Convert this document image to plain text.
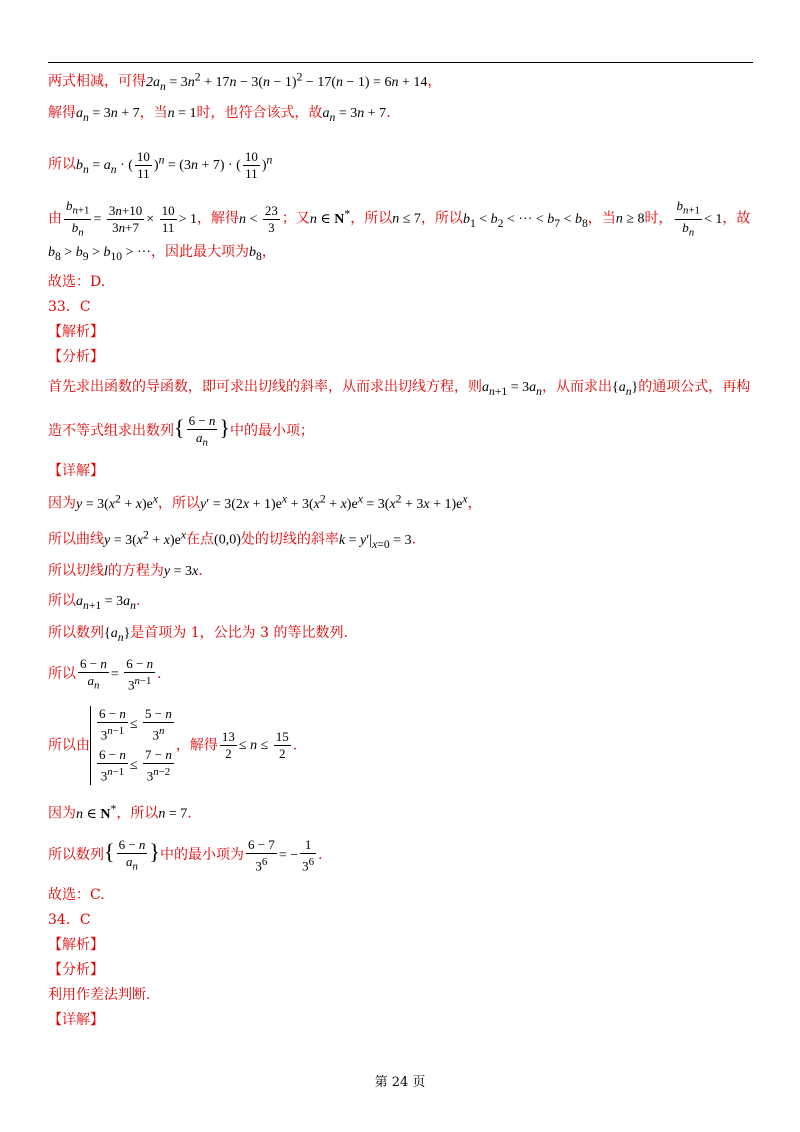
两式相减，可得$2a_n = 3n^2 + 17n - 3(n - 1)^2 - 17(n - 1) = 6n + 14$，
解得$a_n = 3n + 7$，当n = 1时，也符合该式，故$a_n = 3n + 7$.
所以$b_n = a_n$ · ( $\frac{10}{11} )^n = (3n + 7)$ · ( $\frac{10}{11} )^n$
由 $\frac{b_{n+1}}{b_n} = \frac{3n+10}{3n+7} \times \frac{10}{11} > 1$，解得$n < \frac{23}{3}$ ；又n ∈ N*，所以n ≤ 7，所以$b_1 < b_2$ < ··· < $b_7 < b_8$，当n ≥ 8时， $\frac{b_{n+1}}{b_n} < 1$，故
$b_8 > b_9 > b_{10}$ > ···，因此最大项为$b_8$，
故选：D.
33．C
【解析】
【分析】
首先求出函数的导函数，即可求出切线的斜率，从而求出切线方程，则$a_{n+1} = 3a_n$，从而求出$\{a_n\}$的通项公式，再构
造不等式组求出数列{ $\frac{6 - n}{a_n}$ }中的最小项；
【详解】
因为$y = 3(x^2 + x)e^x$，所以$y' = 3(2x + 1)e^x + 3(x^2 + x)e^x = 3(x^2 + 3x + 1)e^x$，
所以曲线$y = 3(x^2 + x)e^x$在点(0,0)处的切线的斜率$k = y'|_{x=0} = 3$.
所以切线l的方程为y = 3x.
所以$a_{n+1} = 3a_n$.
所以数列$\{a_n\}$是首项为 1，公比为 3 的等比数列.
所以 $\frac{6 - n}{a_n} = \frac{6 - n}{3^{n-1}}$ .
所以由
$\frac{6 - n}{3^{n-1}} \le \frac{5 - n}{3^n}$
$\frac{6 - n}{3^{n-1}} \le \frac{7 - n}{3^{n-2}}$
，解得 $\frac{13}{2} \le n \le \frac{15}{2}$ .
因为n ∈ N*，所以n = 7.
所以数列{ $\frac{6 - n}{a_n}$ }中的最小项为 $\frac{6 - 7}{3^6}$ = − $\frac{1}{3^6}$ .
故选：C.
34．C
【解析】
【分析】
利用作差法判断.
【详解】
第 24 页
